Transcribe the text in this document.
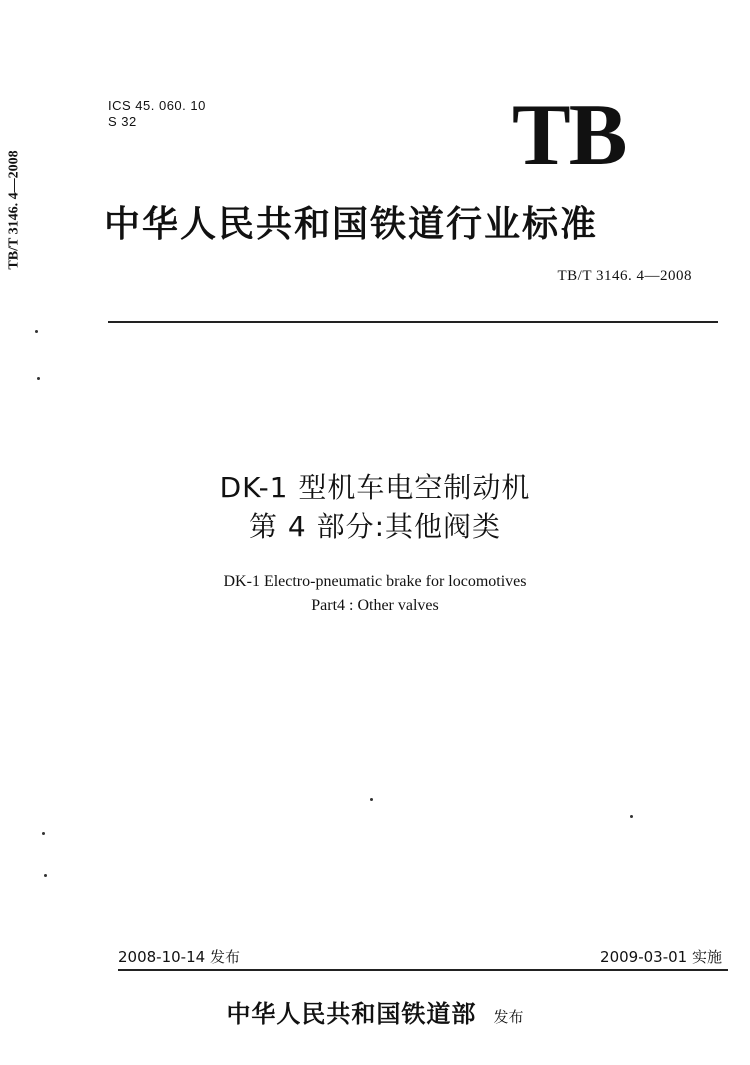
TB/T 3146. 4—2008
ICS 45. 060. 10
S 32	TB
中华人民共和国铁道行业标准
TB/T 3146. 4—2008
DK-1 型机车电空制动机
第 4 部分:其他阀类
DK-1 Electro-pneumatic brake for locomotives
Part4 : Other valves
2008-10-14 发布	2009-03-01 实施
中华人民共和国铁道部 发布
